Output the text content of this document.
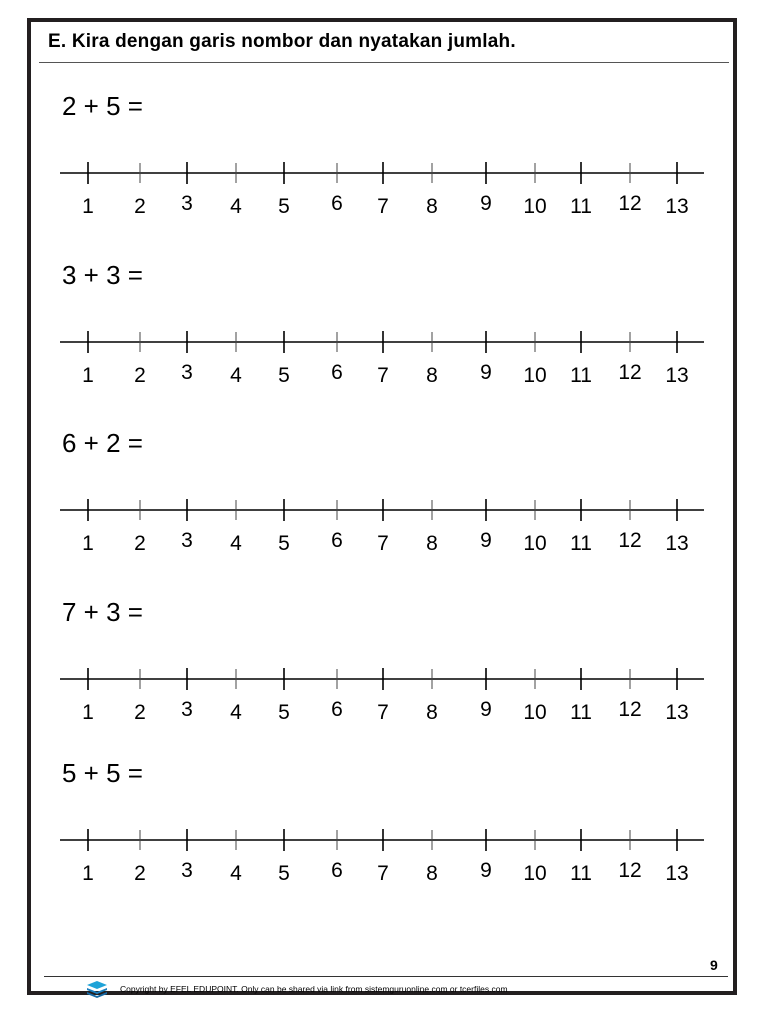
E. Kira dengan garis nombor dan nyatakan jumlah.
2 + 5 =
1 2 3 4 5 6 7 8 9 10 11 12 13
3 + 3 =
1 2 3 4 5 6 7 8 9 10 11 12 13
6 + 2 =
1 2 3 4 5 6 7 8 9 10 11 12 13
7 + 3 =
1 2 3 4 5 6 7 8 9 10 11 12 13
5 + 5 =
1 2 3 4 5 6 7 8 9 10 11 12 13
9
Copyright by EFEL EDUPOINT. Only can be shared via link from sistemguruonline.com or tcerfiles.com
